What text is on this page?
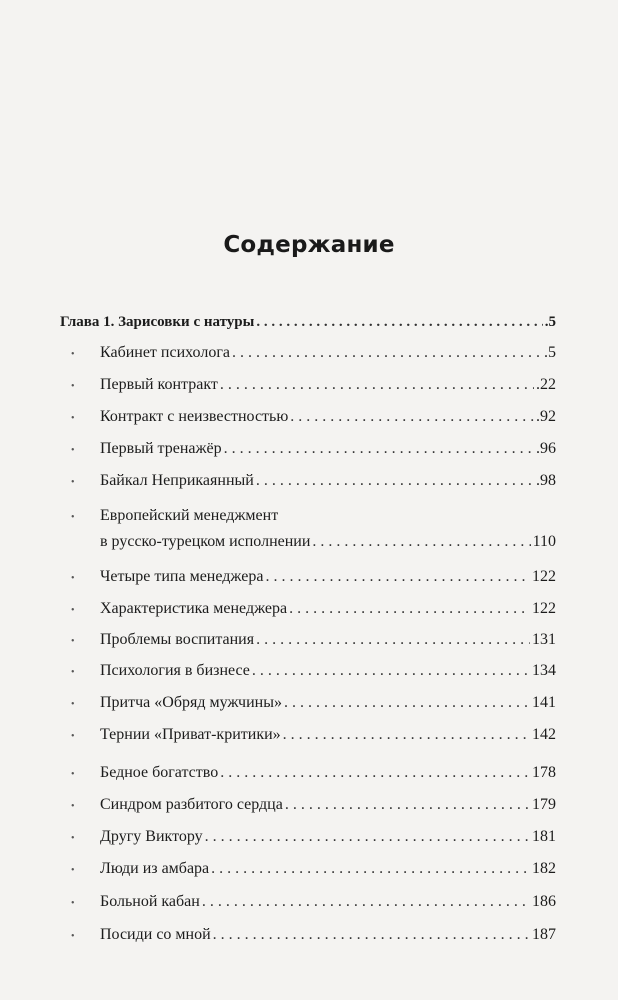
Содержание
Глава 1. Зарисовки с натуры . . .	.5
•	Кабинет психолога . . .	.5
•	Первый контракт . . .	.22
•	Контракт с неизвестностью . . .	.92
•	Первый тренажёр . . .	.96
•	Байкал Неприкаянный . . .	.98
•	Европейский менеджмент
в русско-турецком исполнении . . .	110
•	Четыре типа менеджера . . .	122
•	Характеристика менеджера . . .	122
•	Проблемы воспитания . . .	131
•	Психология в бизнесе . . .	134
•	Притча «Обряд мужчины» . . .	141
•	Тернии «Приват-критики» . . .	142
•	Бедное богатство . . .	178
•	Синдром разбитого сердца . . .	179
•	Другу Виктору . . .	181
•	Люди из амбара . . .	182
•	Больной кабан . . .	186
•	Посиди со мной . . .	187
